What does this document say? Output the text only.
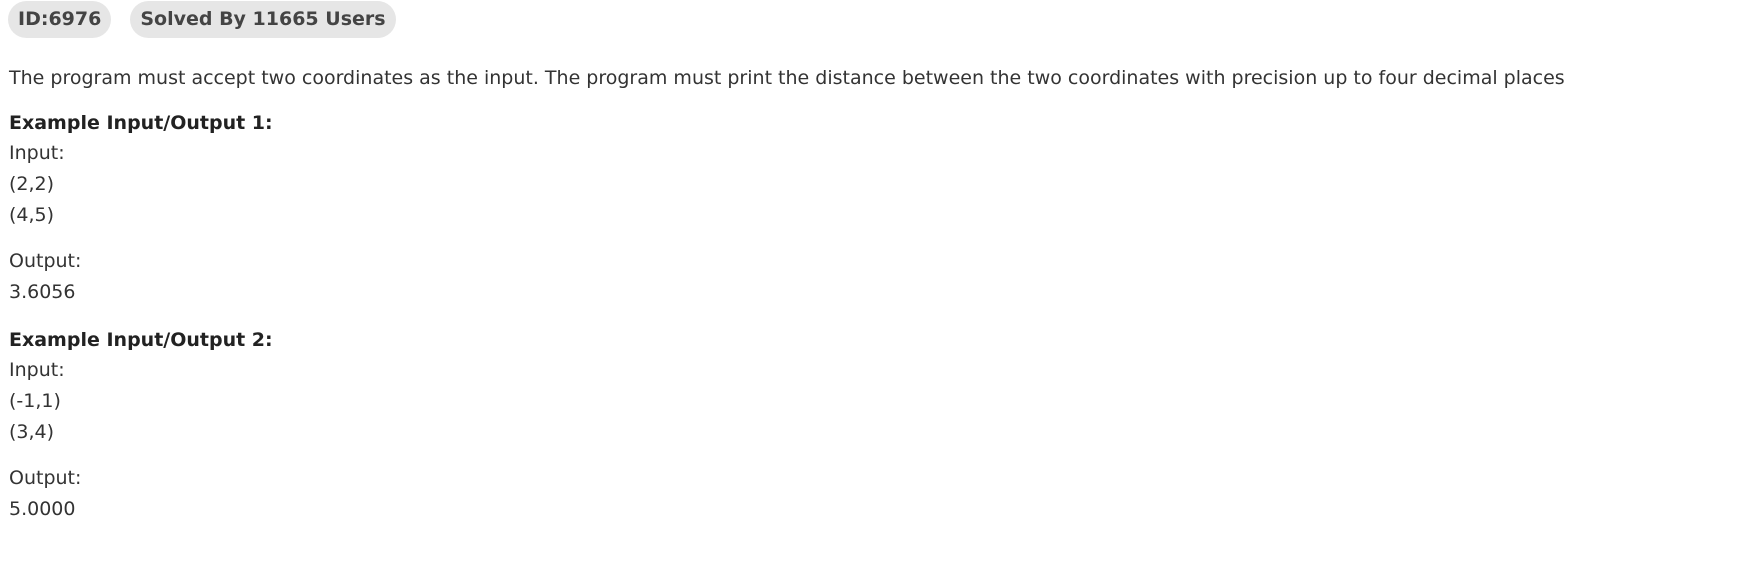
ID:6976	Solved By 11665 Users
The program must accept two coordinates as the input. The program must print the distance between the two coordinates with precision up to four decimal places
Example Input/Output 1:
Input:
(2,2)
(4,5)
Output:
3.6056
Example Input/Output 2:
Input:
(-1,1)
(3,4)
Output:
5.0000
